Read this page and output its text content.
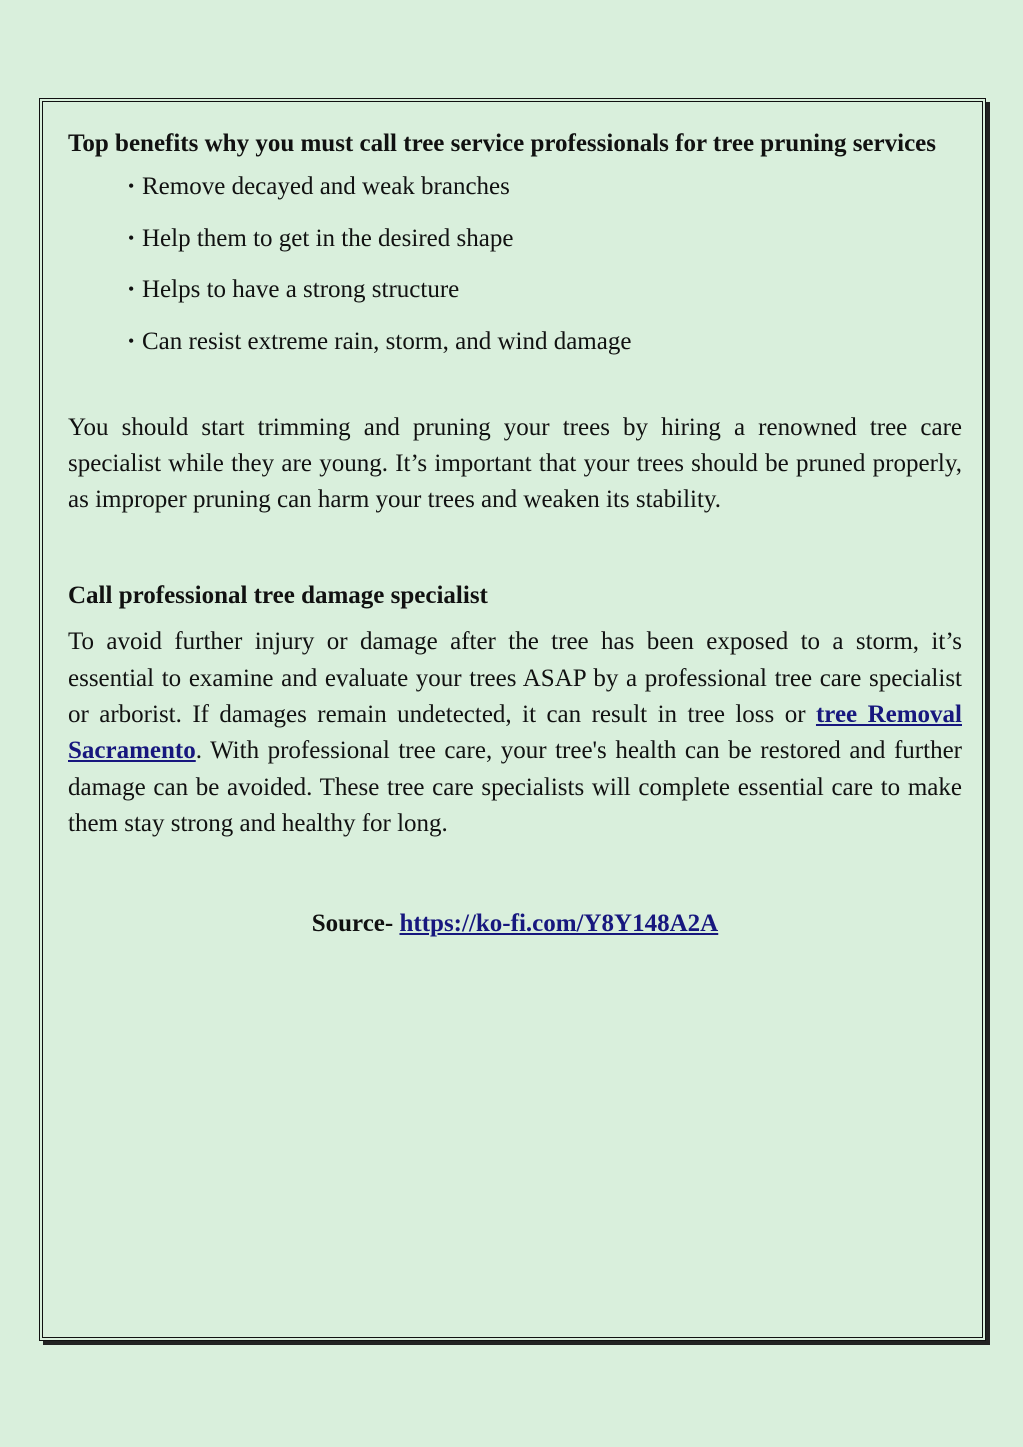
Top benefits why you must call tree service professionals for tree pruning services

• Remove decayed and weak branches
• Help them to get in the desired shape
• Helps to have a strong structure
• Can resist extreme rain, storm, and wind damage

You should start trimming and pruning your trees by hiring a renowned tree care specialist while they are young. It’s important that your trees should be pruned properly, as improper pruning can harm your trees and weaken its stability.

Call professional tree damage specialist

To avoid further injury or damage after the tree has been exposed to a storm, it’s essential to examine and evaluate your trees ASAP by a professional tree care specialist or arborist. If damages remain undetected, it can result in tree loss or tree Removal Sacramento. With professional tree care, your tree's health can be restored and further damage can be avoided. These tree care specialists will complete essential care to make them stay strong and healthy for long.

Source- https://ko-fi.com/Y8Y148A2A
